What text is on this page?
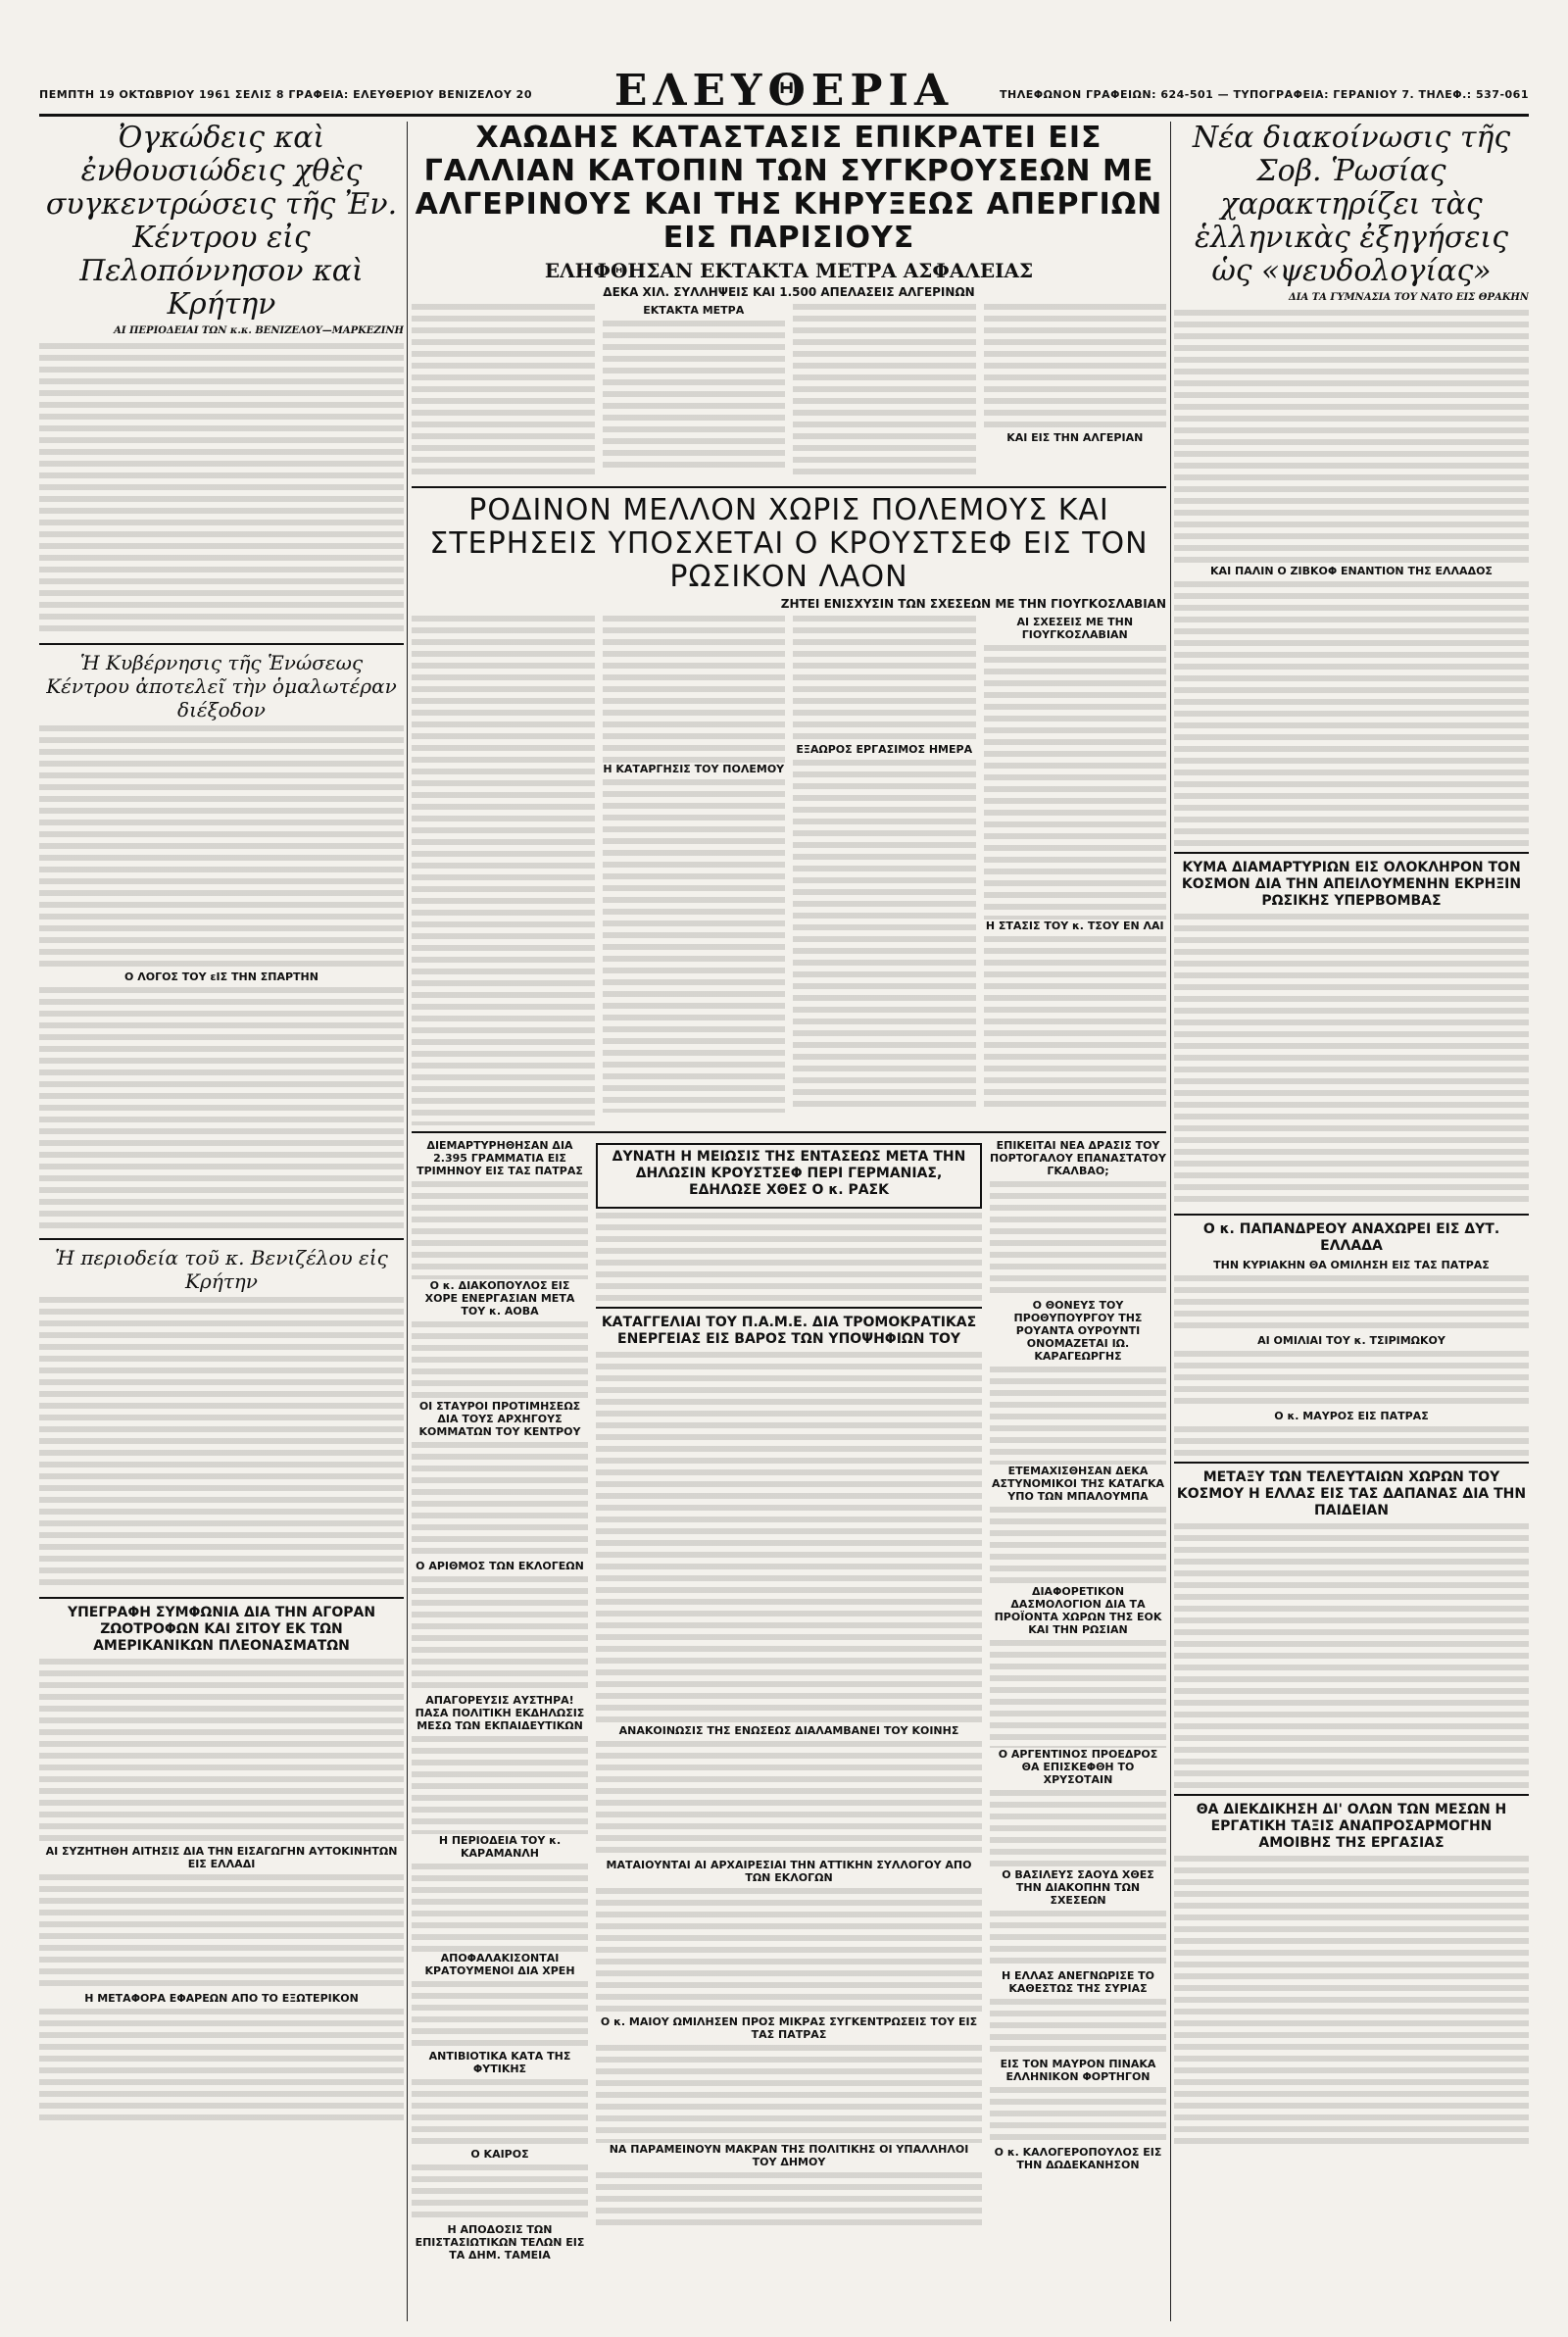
ΠΕΜΠΤΗ 19 ΟΚΤΩΒΡΙΟΥ 1961 ΣΕΛΙΣ 8 ΓΡΑΦΕΙΑ: ΕΛΕΥΘΕΡΙΟΥ ΒΕΝΙΖΕΛΟΥ 20	ΕΛΕΥΘΕΡΙΑ	ΤΗΛΕΦΩΝΟΝ ΓΡΑΦΕΙΩΝ: 624-501 — ΤΥΠΟΓΡΑΦΕΙΑ: ΓΕΡΑΝΙΟΥ 7. ΤΗΛΕΦ.: 537-061
Ὀγκώδεις καὶ ἐνθουσιώδεις χθὲς συγκεντρώσεις τῆς Ἐν. Κέντρου εἰς Πελοπόννησον καὶ Κρήτην
ΑΙ ΠΕΡΙΟΔΕΙΑΙ ΤΩΝ κ.κ. ΒΕΝΙΖΕΛΟΥ—ΜΑΡΚΕΖΙΝΗ
Ἡ Κυβέρνησις τῆς Ἑνώσεως Κέντρου ἀποτελεῖ τὴν ὁμαλωτέραν διέξοδον
Ο ΛΟΓΟΣ ΤΟΥ εΙΣ ΤΗΝ ΣΠΑΡΤΗΝ
Ἡ περιοδεία τοῦ κ. Βενιζέλου εἰς Κρήτην
ΥΠΕΓΡΑΦΗ ΣΥΜΦΩΝΙΑ ΔΙΑ ΤΗΝ ΑΓΟΡΑΝ ΖΩΟΤΡΟΦΩΝ ΚΑΙ ΣΙΤΟΥ ΕΚ ΤΩΝ ΑΜΕΡΙΚΑΝΙΚΩΝ ΠΛΕΟΝΑΣΜΑΤΩΝ
ΑΙ ΣΥΖΗΤΗΘΗ ΑΙΤΗΣΙΣ ΔΙΑ ΤΗΝ ΕΙΣΑΓΩΓΗΝ ΑΥΤΟΚΙΝΗΤΩΝ ΕΙΣ ΕΛΛΑΔΙ
Η ΜΕΤΑΦΟΡΑ ΕΦΑΡΕΩΝ ΑΠΟ ΤΟ ΕΞΩΤΕΡΙΚΟΝ
ΧΑΩΔΗΣ ΚΑΤΑΣΤΑΣΙΣ ΕΠΙΚΡΑΤΕΙ ΕΙΣ ΓΑΛΛΙΑΝ ΚΑΤΟΠΙΝ ΤΩΝ ΣΥΓΚΡΟΥΣΕΩΝ ΜΕ ΑΛΓΕΡΙΝΟΥΣ ΚΑΙ ΤΗΣ ΚΗΡΥΞΕΩΣ ΑΠΕΡΓΙΩΝ ΕΙΣ ΠΑΡΙΣΙΟΥΣ
ΕΛΗΦΘΗΣΑΝ ΕΚΤΑΚΤΑ ΜΕΤΡΑ ΑΣΦΑΛΕΙΑΣ
ΔΕΚΑ ΧΙΛ. ΣΥΛΛΗΨΕΙΣ ΚΑΙ 1.500 ΑΠΕΛΑΣΕΙΣ ΑΛΓΕΡΙΝΩΝ
ΕΚΤΑΚΤΑ ΜΕΤΡΑ
ΚΑΙ ΕΙΣ ΤΗΝ ΑΛΓΕΡΙΑΝ
ΡΟΔΙΝΟΝ ΜΕΛΛΟΝ ΧΩΡΙΣ ΠΟΛΕΜΟΥΣ ΚΑΙ ΣΤΕΡΗΣΕΙΣ ΥΠΟΣΧΕΤΑΙ Ο ΚΡΟΥΣΤΣΕΦ ΕΙΣ ΤΟΝ ΡΩΣΙΚΟΝ ΛΑΟΝ
ΖΗΤΕΙ ΕΝΙΣΧΥΣΙΝ ΤΩΝ ΣΧΕΣΕΩΝ ΜΕ ΤΗΝ ΓΙΟΥΓΚΟΣΛΑΒΙΑΝ
Η ΚΑΤΑΡΓΗΣΙΣ ΤΟΥ ΠΟΛΕΜΟΥ
ΕΞΑΩΡΟΣ ΕΡΓΑΣΙΜΟΣ ΗΜΕΡΑ
ΑΙ ΣΧΕΣΕΙΣ ΜΕ ΤΗΝ ΓΙΟΥΓΚΟΣΛΑΒΙΑΝ
Η ΣΤΑΣΙΣ ΤΟΥ κ. ΤΣΟΥ ΕΝ ΛΑΙ
ΔΙΕΜΑΡΤΥΡΗΘΗΣΑΝ ΔΙΑ 2.395 ΓΡΑΜΜΑΤΙΑ ΕΙΣ ΤΡΙΜΗΝΟΥ ΕΙΣ ΤΑΣ ΠΑΤΡΑΣ
Ο κ. ΔΙΑΚΟΠΟΥΛΟΣ ΕΙΣ ΧΟΡΕ ΕΝΕΡΓΑΣΙΑΝ ΜΕΤΑ ΤΟΥ κ. ΑΟΒΑ
ΟΙ ΣΤΑΥΡΟΙ ΠΡΟΤΙΜΗΣΕΩΣ ΔΙΑ ΤΟΥΣ ΑΡΧΗΓΟΥΣ ΚΟΜΜΑΤΩΝ ΤΟΥ ΚΕΝΤΡΟΥ
Ο ΑΡΙΘΜΟΣ ΤΩΝ ΕΚΛΟΓΕΩΝ
ΑΠΑΓΟΡΕΥΣΙΣ ΑΥΣΤΗΡΑ! ΠΑΣΑ ΠΟΛΙΤΙΚΗ ΕΚΔΗΛΩΣΙΣ ΜΕΣΩ ΤΩΝ ΕΚΠΑΙΔΕΥΤΙΚΩΝ
Η ΠΕΡΙΟΔΕΙΑ ΤΟΥ κ. ΚΑΡΑΜΑΝΛΗ
ΑΠΟΦΑΛΑΚΙΣΟΝΤΑΙ ΚΡΑΤΟΥΜΕΝΟΙ ΔΙΑ ΧΡΕΗ
ΑΝΤΙΒΙΟΤΙΚΑ ΚΑΤΑ ΤΗΣ ΦΥΤΙΚΗΣ
Ο ΚΑΙΡΟΣ
Η ΑΠΟΔΟΣΙΣ ΤΩΝ ΕΠΙΣΤΑΣΙΩΤΙΚΩΝ ΤΕΛΩΝ ΕΙΣ ΤΑ ΔΗΜ. ΤΑΜΕΙΑ
ΔΥΝΑΤΗ Η ΜΕΙΩΣΙΣ ΤΗΣ ΕΝΤΑΣΕΩΣ ΜΕΤΑ ΤΗΝ ΔΗΛΩΣΙΝ ΚΡΟΥΣΤΣΕΦ ΠΕΡΙ ΓΕΡΜΑΝΙΑΣ, ΕΔΗΛΩΣΕ ΧΘΕΣ Ο κ. ΡΑΣΚ
ΚΑΤΑΓΓΕΛΙΑΙ ΤΟΥ Π.Α.Μ.Ε. ΔΙΑ ΤΡΟΜΟΚΡΑΤΙΚΑΣ ΕΝΕΡΓΕΙΑΣ ΕΙΣ ΒΑΡΟΣ ΤΩΝ ΥΠΟΨΗΦΙΩΝ ΤΟΥ
ΑΝΑΚΟΙΝΩΣΙΣ ΤΗΣ ΕΝΩΣΕΩΣ ΔΙΑΛΑΜΒΑΝΕΙ ΤΟΥ ΚΟΙΝΗΣ
ΜΑΤΑΙΟΥΝΤΑΙ ΑΙ ΑΡΧΑΙΡΕΣΙΑΙ ΤΗΝ ΑΤΤΙΚΗΝ ΣΥΛΛΟΓΟΥ ΑΠΟ ΤΩΝ ΕΚΛΟΓΩΝ
Ο κ. ΜΑΙΟΥ ΩΜΙΛΗΣΕΝ ΠΡΟΣ ΜΙΚΡΑΣ ΣΥΓΚΕΝΤΡΩΣΕΙΣ ΤΟΥ ΕΙΣ ΤΑΣ ΠΑΤΡΑΣ
ΝΑ ΠΑΡΑΜΕΙΝΟΥΝ ΜΑΚΡΑΝ ΤΗΣ ΠΟΛΙΤΙΚΗΣ ΟΙ ΥΠΑΛΛΗΛΟΙ ΤΟΥ ΔΗΜΟΥ
ΕΠΙΚΕΙΤΑΙ ΝΕΑ ΔΡΑΣΙΣ ΤΟΥ ΠΟΡΤΟΓΑΛΟΥ ΕΠΑΝΑΣΤΑΤΟΥ ΓΚΑΛΒΑΟ;
Ο ΘΟΝΕΥΣ ΤΟΥ ΠΡΟΘΥΠΟΥΡΓΟΥ ΤΗΣ ΡΟΥΑΝΤΑ ΟΥΡΟΥΝΤΙ ΟΝΟΜΑΖΕΤΑΙ ΙΩ. ΚΑΡΑΓΕΩΡΓΗΣ
ΕΤΕΜΑΧΙΣΘΗΣΑΝ ΔΕΚΑ ΑΣΤΥΝΟΜΙΚΟΙ ΤΗΣ ΚΑΤΑΓΚΑ ΥΠΟ ΤΩΝ ΜΠΑΛΟΥΜΠΑ
ΔΙΑΦΟΡΕΤΙΚΟΝ ΔΑΣΜΟΛΟΓΙΟΝ ΔΙΑ ΤΑ ΠΡΟΪΟΝΤΑ ΧΩΡΩΝ ΤΗΣ ΕΟΚ ΚΑΙ ΤΗΝ ΡΩΣΙΑΝ
Ο ΑΡΓΕΝΤΙΝΟΣ ΠΡΟΕΔΡΟΣ ΘΑ ΕΠΙΣΚΕΦΘΗ ΤΟ ΧΡΥΣΟΤΑΙΝ
Ο ΒΑΣΙΛΕΥΣ ΣΑΟΥΔ ΧΘΕΣ ΤΗΝ ΔΙΑΚΟΠΗΝ ΤΩΝ ΣΧΕΣΕΩΝ
Η ΕΛΛΑΣ ΑΝΕΓΝΩΡΙΣΕ ΤΟ ΚΑΘΕΣΤΩΣ ΤΗΣ ΣΥΡΙΑΣ
ΕΙΣ ΤΟΝ ΜΑΥΡΟΝ ΠΙΝΑΚΑ ΕΛΛΗΝΙΚΟΝ ΦΟΡΤΗΓΟΝ
Ο κ. ΚΑΛΟΓΕΡΟΠΟΥΛΟΣ ΕΙΣ ΤΗΝ ΔΩΔΕΚΑΝΗΣΟΝ
Νέα διακοίνωσις τῆς Σοβ. Ῥωσίας χαρακτηρίζει τὰς ἑλληνικὰς ἐξηγήσεις ὡς «ψευδολογίας»
ΔΙΑ ΤΑ ΓΥΜΝΑΣΙΑ ΤΟΥ ΝΑΤΟ ΕΙΣ ΘΡΑΚΗΝ
ΚΑΙ ΠΑΛΙΝ Ο ΖΙΒΚΟΦ ΕΝΑΝΤΙΟΝ ΤΗΣ ΕΛΛΑΔΟΣ
ΚΥΜΑ ΔΙΑΜΑΡΤΥΡΙΩΝ ΕΙΣ ΟΛΟΚΛΗΡΟΝ ΤΟΝ ΚΟΣΜΟΝ ΔΙΑ ΤΗΝ ΑΠΕΙΛΟΥΜΕΝΗΝ ΕΚΡΗΞΙΝ ΡΩΣΙΚΗΣ ΥΠΕΡΒΟΜΒΑΣ
Ο κ. ΠΑΠΑΝΔΡΕΟΥ ΑΝΑΧΩΡΕΙ ΕΙΣ ΔΥΤ. ΕΛΛΑΔΑ
ΤΗΝ ΚΥΡΙΑΚΗΝ ΘΑ ΟΜΙΛΗΣΗ ΕΙΣ ΤΑΣ ΠΑΤΡΑΣ
ΑΙ ΟΜΙΛΙΑΙ ΤΟΥ κ. ΤΣΙΡΙΜΩΚΟΥ
Ο κ. ΜΑΥΡΟΣ ΕΙΣ ΠΑΤΡΑΣ
ΜΕΤΑΞΥ ΤΩΝ ΤΕΛΕΥΤΑΙΩΝ ΧΩΡΩΝ ΤΟΥ ΚΟΣΜΟΥ Η ΕΛΛΑΣ ΕΙΣ ΤΑΣ ΔΑΠΑΝΑΣ ΔΙΑ ΤΗΝ ΠΑΙΔΕΙΑΝ
ΘΑ ΔΙΕΚΔΙΚΗΣΗ ΔΙ' ΟΛΩΝ ΤΩΝ ΜΕΣΩΝ Η ΕΡΓΑΤΙΚΗ ΤΑΞΙΣ ΑΝΑΠΡΟΣΑΡΜΟΓΗΝ ΑΜΟΙΒΗΣ ΤΗΣ ΕΡΓΑΣΙΑΣ
